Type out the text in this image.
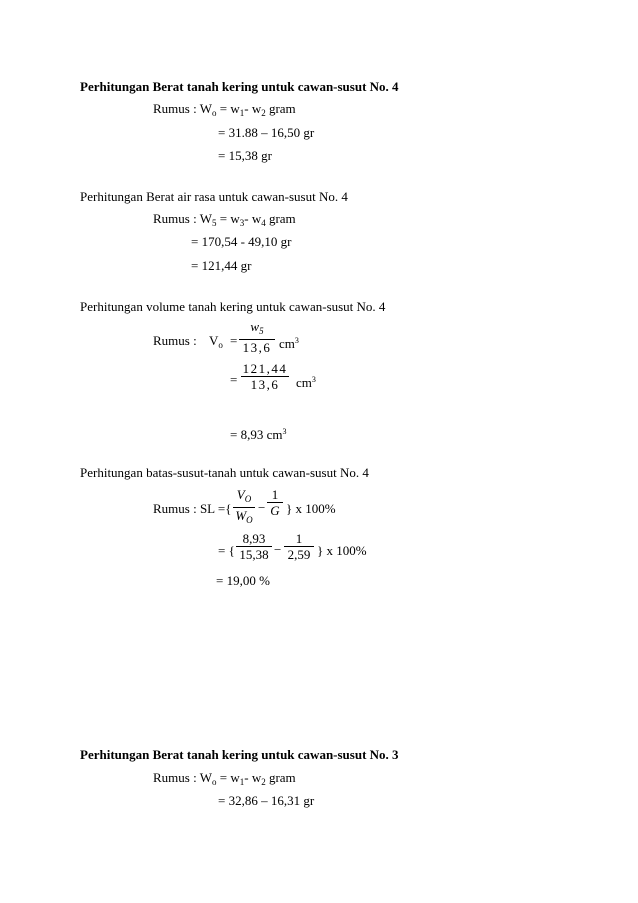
Perhitungan Berat tanah kering untuk cawan-susut No. 4
Rumus : $W_o = w_1-$ $w_2$ gram
= 31.88 – 16,50 gr
= 15,38 gr
Perhitungan Berat air rasa untuk cawan-susut No. 4
Rumus : $W_5 = w_3-$ $w_4$ gram
= 170,54 - 49,10 gr
= 121,44 gr
Perhitungan volume tanah kering untuk cawan-susut No. 4
Rumus : $V_o$ =
$w_5$
13,6 $cm^3$
=
121,44
13,6	$cm^3$
= 8,93 $cm^3$
Perhitungan batas-susut-tanah untuk cawan-susut No. 4
Rumus : SL ={
$V_O$
$W_O$
−
1
G } x 100%
= {
8,93
15,38 −
1
2,59 } x 100%
= 19,00 %
Perhitungan Berat tanah kering untuk cawan-susut No. 3
Rumus : $W_o = w_1-$ $w_2$ gram
= 32,86 – 16,31 gr
